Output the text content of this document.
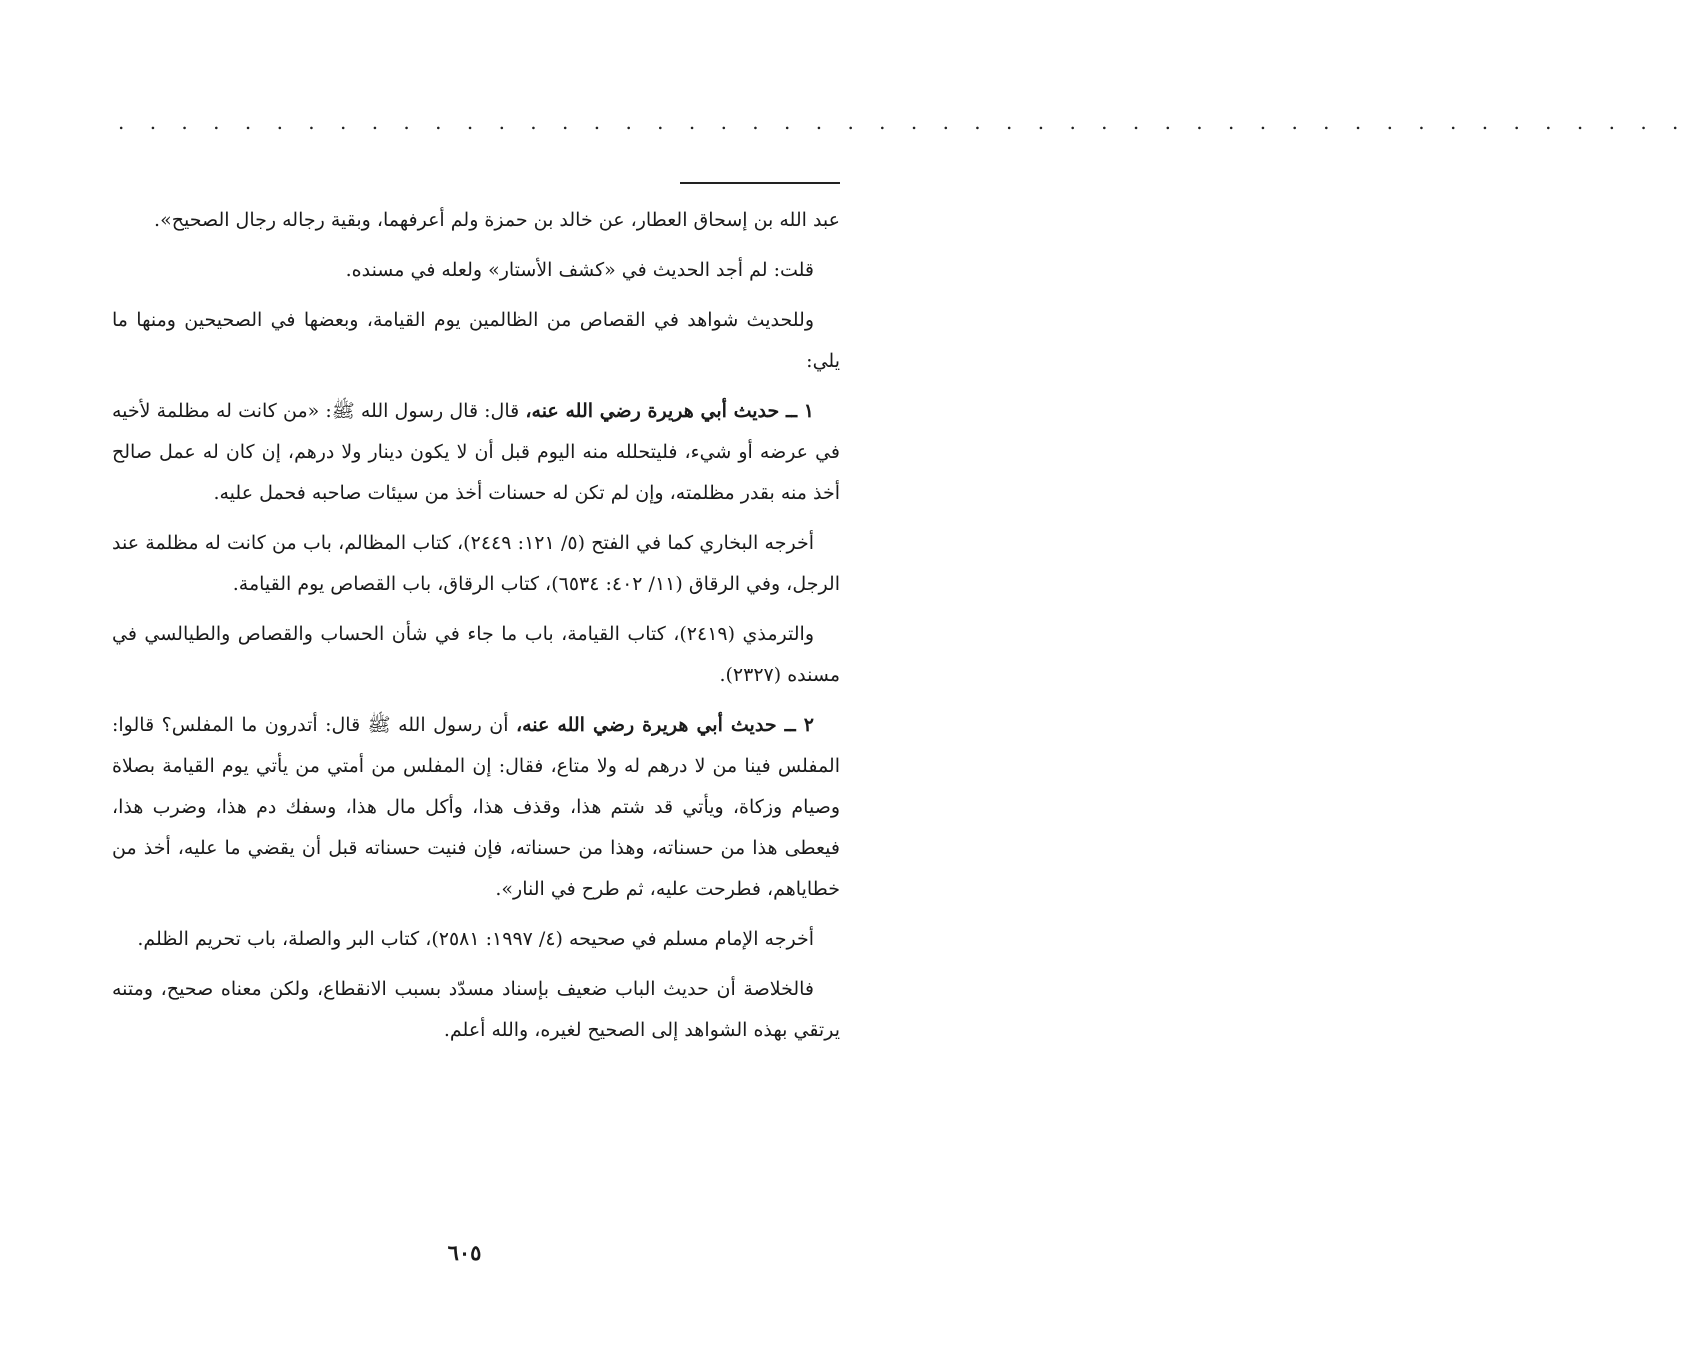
. . . . . . . . . . . . . . . . . . . . . . . . . . . . . . . . . . . . . . . . . . . . . . . . . .

عبد الله بن إسحاق العطار، عن خالد بن حمزة ولم أعرفهما، وبقية رجاله رجال الصحيح».

قلت: لم أجد الحديث في «كشف الأستار» ولعله في مسنده.

وللحديث شواهد في القصاص من الظالمين يوم القيامة، وبعضها في الصحيحين ومنها ما يلي:

١ ــ حديث أبي هريرة رضي الله عنه، قال: قال رسول الله ﷺ: «من كانت له مظلمة لأخيه في عرضه أو شيء، فليتحلله منه اليوم قبل أن لا يكون دينار ولا درهم، إن كان له عمل صالح أخذ منه بقدر مظلمته، وإن لم تكن له حسنات أخذ من سيئات صاحبه فحمل عليه.

أخرجه البخاري كما في الفتح (٥/ ١٢١: ٢٤٤٩)، كتاب المظالم، باب من كانت له مظلمة عند الرجل، وفي الرقاق (١١/ ٤٠٢: ٦٥٣٤)، كتاب الرقاق، باب القصاص يوم القيامة.

والترمذي (٢٤١٩)، كتاب القيامة، باب ما جاء في شأن الحساب والقصاص والطيالسي في مسنده (٢٣٢٧).

٢ ــ حديث أبي هريرة رضي الله عنه، أن رسول الله ﷺ قال: أتدرون ما المفلس؟ قالوا: المفلس فينا من لا درهم له ولا متاع، فقال: إن المفلس من أمتي من يأتي يوم القيامة بصلاة وصيام وزكاة، ويأتي قد شتم هذا، وقذف هذا، وأكل مال هذا، وسفك دم هذا، وضرب هذا، فيعطى هذا من حسناته، وهذا من حسناته، فإن فنيت حسناته قبل أن يقضي ما عليه، أخذ من خطاياهم، فطرحت عليه، ثم طرح في النار».

أخرجه الإمام مسلم في صحيحه (٤/ ١٩٩٧: ٢٥٨١)، كتاب البر والصلة، باب تحريم الظلم.

فالخلاصة أن حديث الباب ضعيف بإسناد مسدّد بسبب الانقطاع، ولكن معناه صحيح، ومتنه يرتقي بهذه الشواهد إلى الصحيح لغيره، والله أعلم.

٦٠٥
